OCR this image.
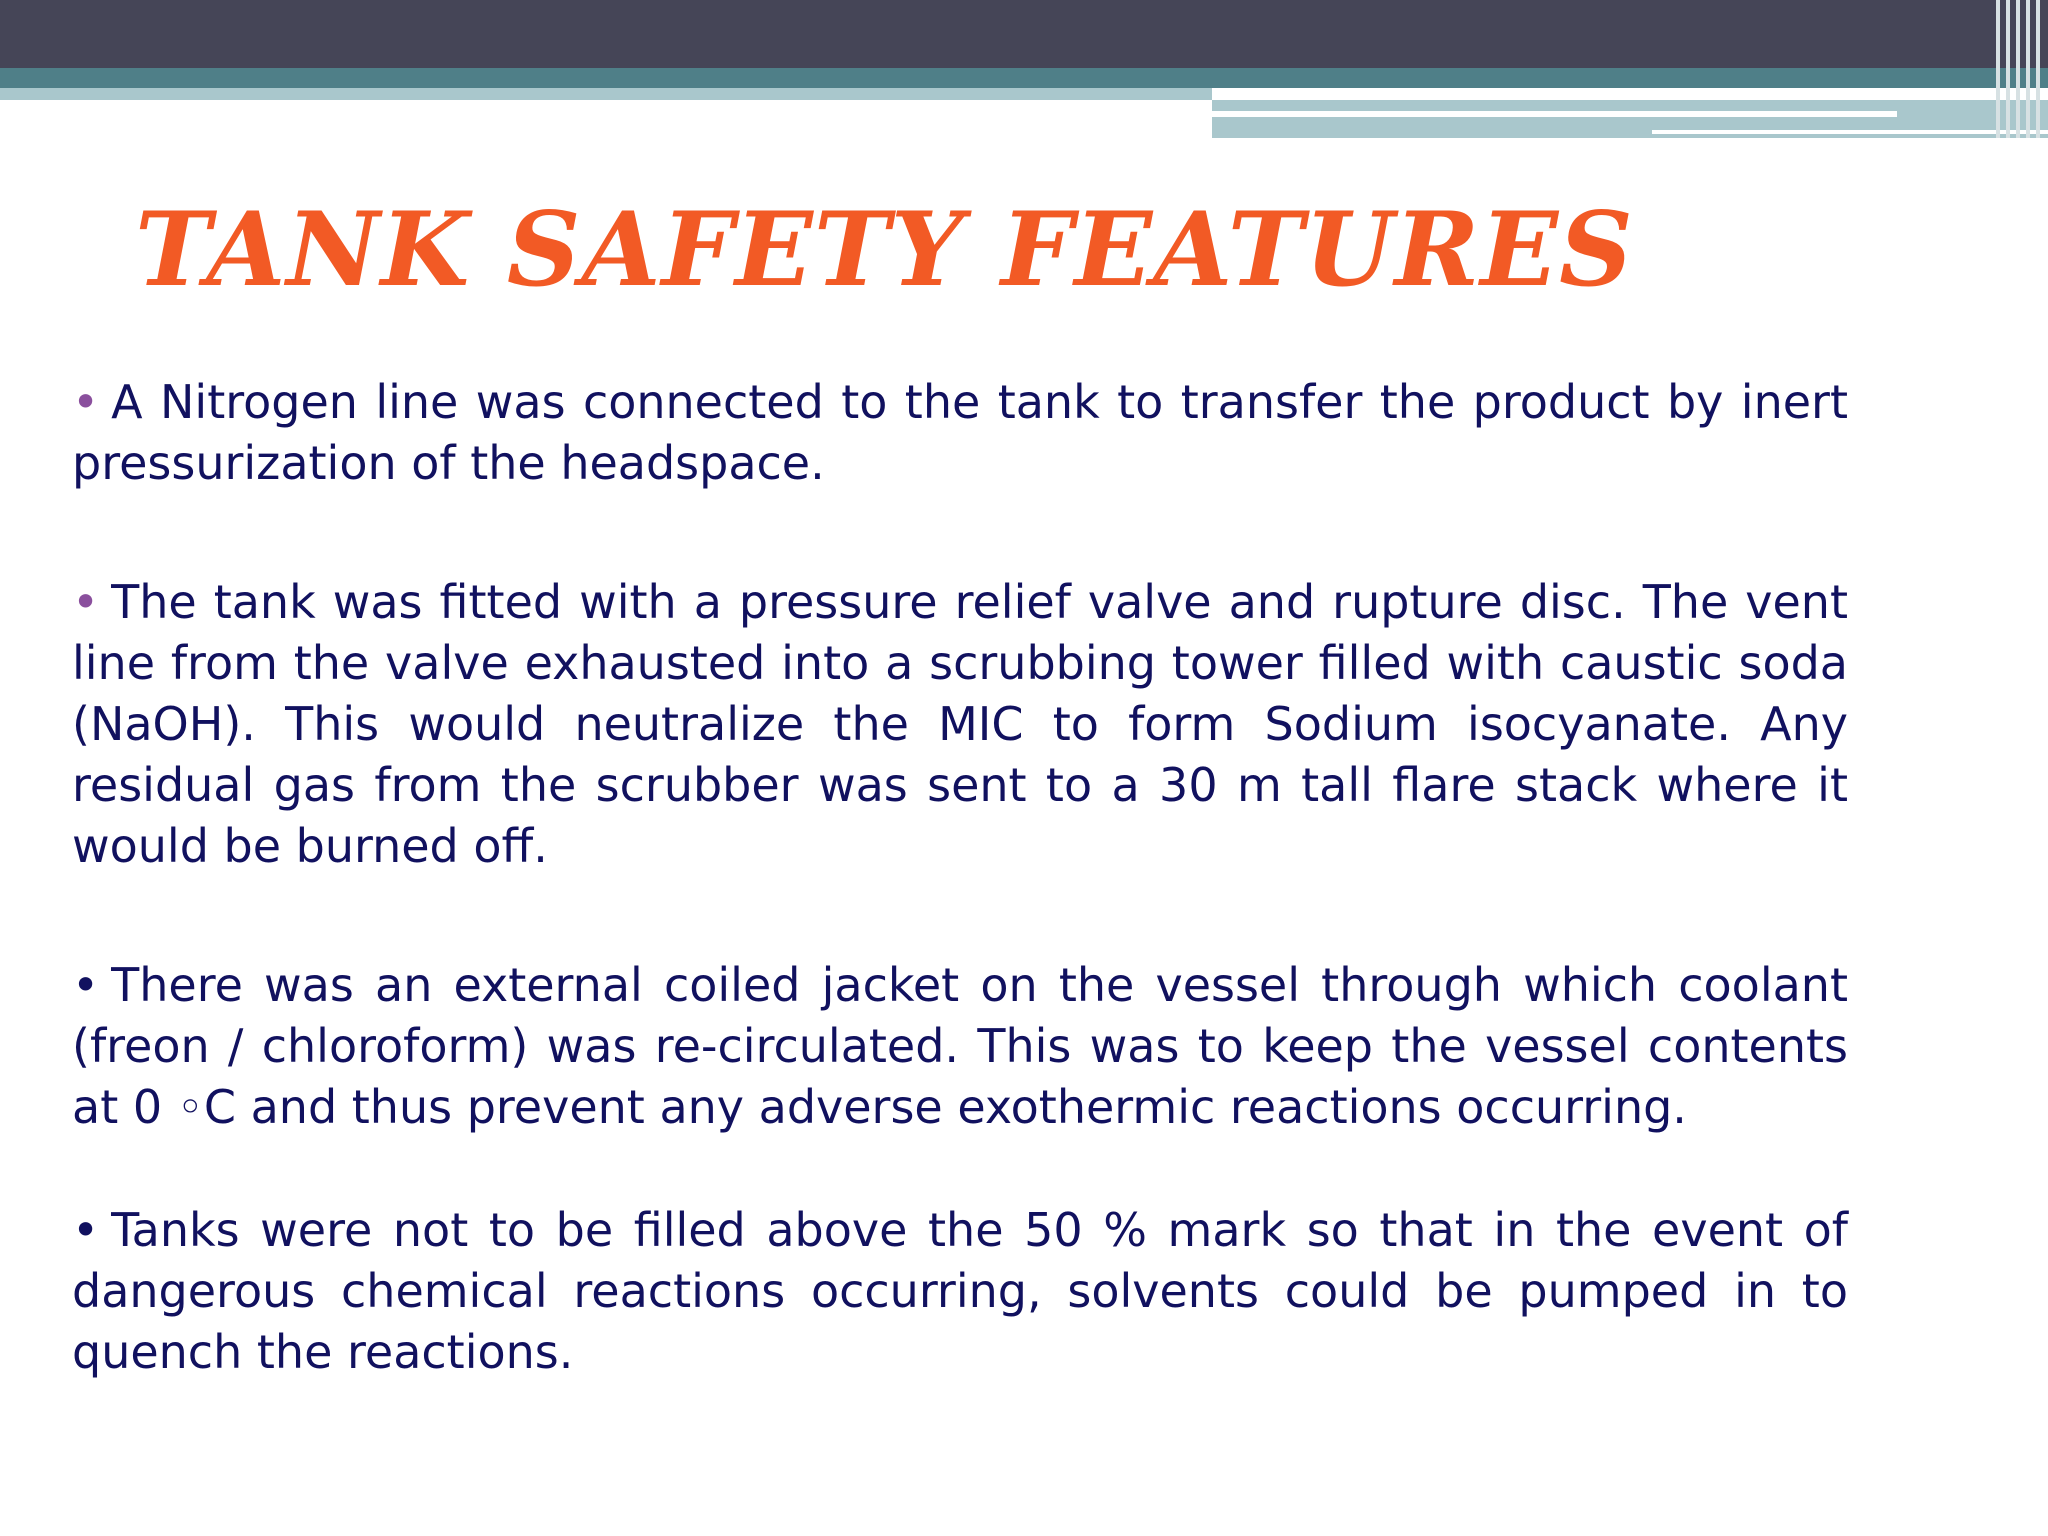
TANK SAFETY FEATURES
• A Nitrogen line was connected to the tank to transfer the product by inert pressurization of the headspace.
• The tank was fitted with a pressure relief valve and rupture disc. The vent line from the valve exhausted into a scrubbing tower filled with caustic soda (NaOH). This would neutralize the MIC to form Sodium isocyanate. Any residual gas from the scrubber was sent to a 30 m tall flare stack where it would be burned off.
• There was an external coiled jacket on the vessel through which coolant (freon / chloroform) was re-circulated. This was to keep the vessel contents at 0 ◦C and thus prevent any adverse exothermic reactions occurring.
• Tanks were not to be filled above the 50 % mark so that in the event of dangerous chemical reactions occurring, solvents could be pumped in to quench the reactions.
